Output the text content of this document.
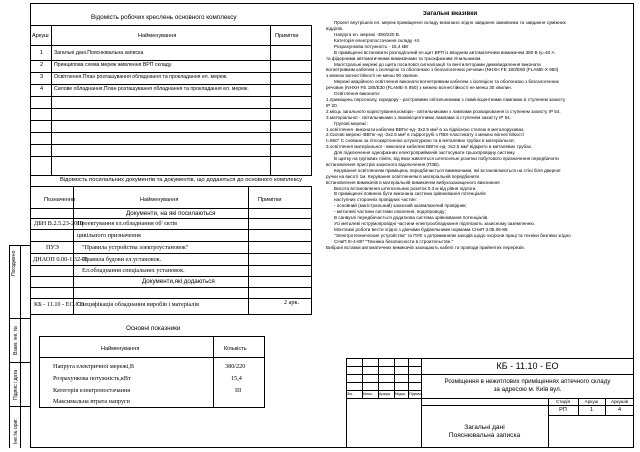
Погоджено
Взам. інв. №
Підпис і дата
Інв.№ ориг.
Відомість робочих креслень основного комплексу
Аркуш	Найменування	Примітки
1 Загальні дані.Пояснювальна записка
2 Принципова схема мереж живлення ВРП складу.
3 Освітлення.План розташування обладнання та прокладання ел. мереж.
4 Силове обладнання.План розташування обладнання та прокладання ел. мереж.
Відомость посилальних документів та документів, що додаються до основного комплексу
Позначення	Найменування	Примітки
Документи, на які посилаються
ДБН В.2.5.23-2010
Проектування ел.обладнання об' єктів
цивільного призначення
ПУЭ	"Правила устройства электроустановок"
ДНАОП 0.00-1.32-01
Правила будови ел.установок.
Ел.обладнання спеціальних установок.
Документи,які додаються
КБ - 11.10 - ЕО.СО
Специфікація обладнання виробів і матеріалів	2 арк.
Основні показники
Найменування	Кількість
Напруга електричної мережі,В	380/220
Розрахункова потужність,кВт	15,4
Категорія електропостачання	III
Максимальна втрата напруги
Загальні вказівки

Проект внутрішніх ел. мереж приміщення складу виконано згідно завдання замовника та завдання суміжних

відділів.

Напруга ел. мережі -380/220 В.

Категорія електропостачання складу -III.

Розрахункова потужність - 15,4 кВт

В приміщенні встановити розподільчий ел.щит ВРП із вводним автоматичним вимикачем 380 В Iу=40 А

та фідерними автоматичними вимикачами та трьохфазним лічильником.

Магістральні мережі до щита посилової сигналізації та вентиляторами димовидалення виконати

вогнетривким кабелем з ізоляцією та оболонкою з безгалогенних речовин (NHXH FE 180/E90 (FLAME-X 950)

з межею вогнестійкості не менш 90 хвилин.

Мережі аварійного освітлення виконати вогнетривким кабелем з ізоляцією та оболонкою з безгалогенних

речовин (NHXH FE 180/E30 (FLAME-X 950) з межею вогнестійкості не менш 30 хвилин.

Освітлення виконати:

1.приміщень персоналу, коридору - растровими світильниками з люмінісцентними лампами зі ступенем захисту

IP 20.

2.місць загального користування,комори - світильниками з лампами розжарювання із ступенем захисту IP 54.

3.матеріальної - світильниками з люмінісцентними лампами зі ступенем захисту IP 54.

Групові мережі :

1.освітлення -виконати кабелем ВВГнг-нд- 3х2.5 мм² в за підвісною стелею в металорукавах.

2.Силові мережі -ВВГнг-нд -3х2.5 мм² в гофротрубі з ПВХ-пластикату з межею вогнестійкості

t=650° С схована за гіпсокартонною штукатуркою та в металевих трубах в матеріальної;

3.освітлення матеріальної - виконати кабелем ВВГнг-нд- 3х2.5 мм² відкрито в металевих трубах.

Для підключення однофазних електроприймачів застосувати трьохпровідну систему.

В щитку на групових лініях, від яких живляться штепсельні розетки побутового призначення передбачити

встановлення пристрів захисного відключення (ПЗВ).

Керування освітленням приміщень передбачається вимикачами, які встановлюються на стіні біля дверної

ручки на висоті 1м. Керування освітленням в матеріальній передбачити

встановлення вимикачів в матеріальній вимикачем вибухозахищеного виконання

Висота встановлення штепсельних розеток 0,3 м від рівня підлоги.

В приміщенні повинна бути виконана система зрівнювання потенціалів

наступних сторонніх провідних частин:

- основний (магістральний) захисний заземлюючий провідник;

- металеві частини системи опалення, водопроводу;

В санвузлі передбачається додаткова система зрівнювання потенціалів.

Усі металеві нструмопровідні частини електрообладнання підлягають захисному заземленню.

Монтажні роботи вести згідно з діючими будівельними нормами СНиП 3.05.06-85

"Электротехнические устройства" та ПУЕ з дотриманням заходів щодо охорони праці та техніки безпеки згідно

СНиП III-4-80* "Техника безопасности в строительстве."

Вибрані вставки автоматичних вимикачів захищають кабелі та проводи прийнятих перерезів.

Зм.	Кільк. Аркуш №док. Підпис
КБ - 11.10 - ЕО
Розміщення в нежитлових приміщеннях аптечного складу
за адресою м. Київ вул.
Стадія	Аркуш	Аркушів
РП	1	4
Загальні дані
Пояснювальна записка
